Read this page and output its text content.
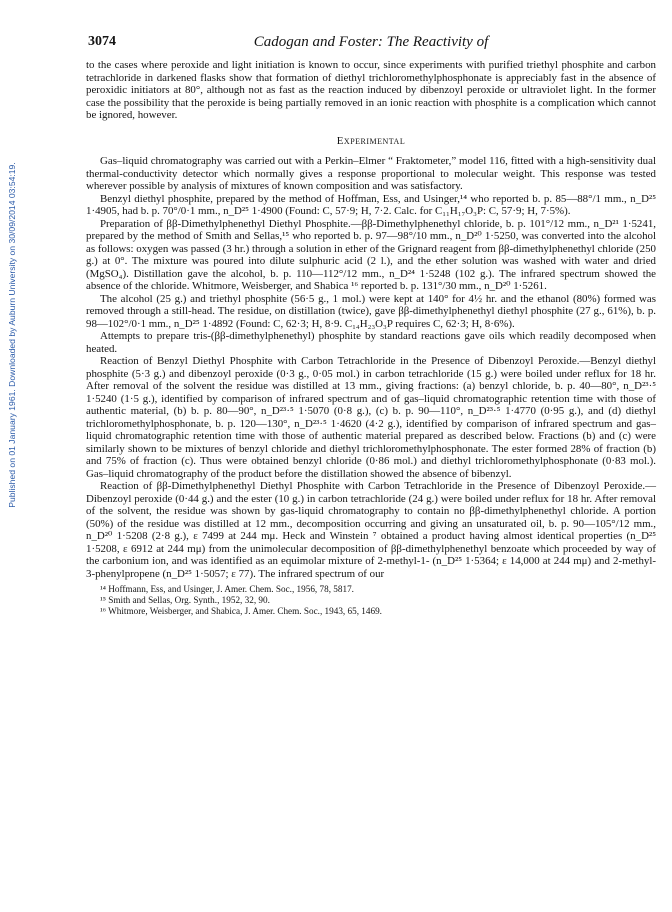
Published on 01 January 1961. Downloaded by Auburn University on 30/09/2014 03:54:19.
3074	Cadogan and Foster: The Reactivity of

to the cases where peroxide and light initiation is known to occur, since experiments with purified triethyl phosphite and carbon tetrachloride in darkened flasks show that formation of diethyl trichloromethylphosphonate is appreciably fast in the absence of peroxidic initiators at 80°, although not as fast as the reaction induced by dibenzoyl peroxide or ultraviolet light. In the former case the possibility that the peroxide is being partially removed in an ionic reaction with phosphite is a complication which cannot be ignored, however.

Experimental

Gas–liquid chromatography was carried out with a Perkin–Elmer “ Fraktometer,” model 116, fitted with a high-sensitivity dual thermal-conductivity detector which normally gives a response proportional to molecular weight. This response was tested wherever possible by analysis of mixtures of known composition and was satisfactory.

Benzyl diethyl phosphite, prepared by the method of Hoffman, Ess, and Usinger,¹⁴ who reported b. p. 85—88°/1 mm., n_D²⁵ 1·4905, had b. p. 70°/0·1 mm., n_D²⁵ 1·4900 (Found: C, 57·9; H, 7·2. Calc. for C₁₁H₁₇O₃P: C, 57·9; H, 7·5%).

Preparation of ββ-Dimethylphenethyl Diethyl Phosphite.—ββ-Dimethylphenethyl chloride, b. p. 101°/12 mm., n_D²¹ 1·5241, prepared by the method of Smith and Sellas,¹⁵ who reported b. p. 97—98°/10 mm., n_D²⁰ 1·5250, was converted into the alcohol as follows: oxygen was passed (3 hr.) through a solution in ether of the Grignard reagent from ββ-dimethylphenethyl chloride (250 g.) at 0°. The mixture was poured into dilute sulphuric acid (2 l.), and the ether solution was washed with water and dried (MgSO₄). Distillation gave the alcohol, b. p. 110—112°/12 mm., n_D²⁴ 1·5248 (102 g.). The infrared spectrum showed the absence of the chloride. Whitmore, Weisberger, and Shabica ¹⁶ reported b. p. 131°/30 mm., n_D²⁰ 1·5261.

The alcohol (25 g.) and triethyl phosphite (56·5 g., 1 mol.) were kept at 140° for 4½ hr. and the ethanol (80%) formed was removed through a still-head. The residue, on distillation (twice), gave ββ-dimethylphenethyl diethyl phosphite (27 g., 61%), b. p. 98—102°/0·1 mm., n_D²⁵ 1·4892 (Found: C, 62·3; H, 8·9. C₁₄H₂₃O₃P requires C, 62·3; H, 8·6%).

Attempts to prepare tris-(ββ-dimethylphenethyl) phosphite by standard reactions gave oils which readily decomposed when heated.

Reaction of Benzyl Diethyl Phosphite with Carbon Tetrachloride in the Presence of Dibenzoyl Peroxide.—Benzyl diethyl phosphite (5·3 g.) and dibenzoyl peroxide (0·3 g., 0·05 mol.) in carbon tetrachloride (15 g.) were boiled under reflux for 18 hr. After removal of the solvent the residue was distilled at 13 mm., giving fractions: (a) benzyl chloride, b. p. 40—80°, n_D²³·⁵ 1·5240 (1·5 g.), identified by comparison of infrared spectrum and of gas–liquid chromatographic retention time with those of authentic material, (b) b. p. 80—90°, n_D²³·⁵ 1·5070 (0·8 g.), (c) b. p. 90—110°, n_D²³·⁵ 1·4770 (0·95 g.), and (d) diethyl trichloromethylphosphonate, b. p. 120—130°, n_D²³·⁵ 1·4620 (4·2 g.), identified by comparison of infrared spectrum and gas–liquid chromatographic retention time with those of authentic material prepared as described below. Fractions (b) and (c) were similarly shown to be mixtures of benzyl chloride and diethyl trichloromethylphosphonate. The ester formed 28% of fraction (b) and 75% of fraction (c). Thus were obtained benzyl chloride (0·86 mol.) and diethyl trichloromethylphosphonate (0·83 mol.). Gas–liquid chromatography of the product before the distillation showed the absence of bibenzyl.

Reaction of ββ-Dimethylphenethyl Diethyl Phosphite with Carbon Tetrachloride in the Presence of Dibenzoyl Peroxide.—Dibenzoyl peroxide (0·44 g.) and the ester (10 g.) in carbon tetrachloride (24 g.) were boiled under reflux for 18 hr. After removal of the solvent, the residue was shown by gas-liquid chromatography to contain no ββ-dimethylphenethyl chloride. A portion (50%) of the residue was distilled at 12 mm., decomposition occurring and giving an unsaturated oil, b. p. 90—105°/12 mm., n_D²⁰ 1·5208 (2·8 g.), ε 7499 at 244 mμ. Heck and Winstein ⁷ obtained a product having almost identical properties (n_D²⁵ 1·5208, ε 6912 at 244 mμ) from the unimolecular decomposition of ββ-dimethylphenethyl benzoate which proceeded by way of the carbonium ion, and was identified as an equimolar mixture of 2-methyl-1- (n_D²⁵ 1·5364; ε 14,000 at 244 mμ) and 2-methyl-3-phenylpropene (n_D²⁵ 1·5057; ε 77). The infrared spectrum of our

¹⁴ Hoffmann, Ess, and Usinger, J. Amer. Chem. Soc., 1956, 78, 5817.
¹⁵ Smith and Sellas, Org. Synth., 1952, 32, 90.
¹⁶ Whitmore, Weisberger, and Shabica, J. Amer. Chem. Soc., 1943, 65, 1469.
